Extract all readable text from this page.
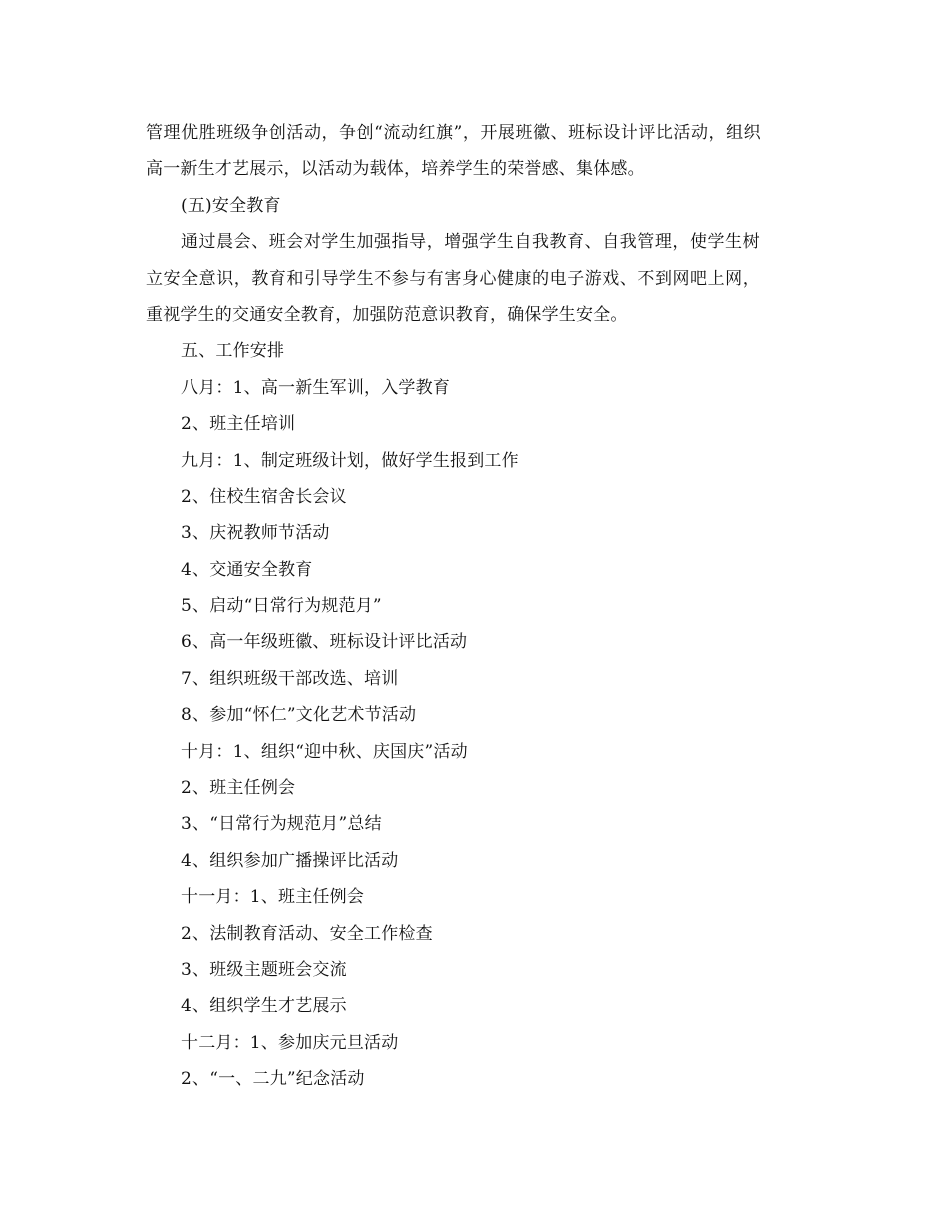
管理优胜班级争创活动，争创“流动红旗”，开展班徽、班标设计评比活动，组织
高一新生才艺展示，以活动为载体，培养学生的荣誉感、集体感。
(五)安全教育
通过晨会、班会对学生加强指导，增强学生自我教育、自我管理，使学生树
立安全意识，教育和引导学生不参与有害身心健康的电子游戏、不到网吧上网，
重视学生的交通安全教育，加强防范意识教育，确保学生安全。
五、工作安排
八月：1、高一新生军训，入学教育
2、班主任培训
九月：1、制定班级计划，做好学生报到工作
2、住校生宿舍长会议
3、庆祝教师节活动
4、交通安全教育
5、启动“日常行为规范月”
6、高一年级班徽、班标设计评比活动
7、组织班级干部改选、培训
8、参加“怀仁”文化艺术节活动
十月：1、组织“迎中秋、庆国庆”活动
2、班主任例会
3、“日常行为规范月”总结
4、组织参加广播操评比活动
十一月：1、班主任例会
2、法制教育活动、安全工作检查
3、班级主题班会交流
4、组织学生才艺展示
十二月：1、参加庆元旦活动
2、“一、二九”纪念活动
